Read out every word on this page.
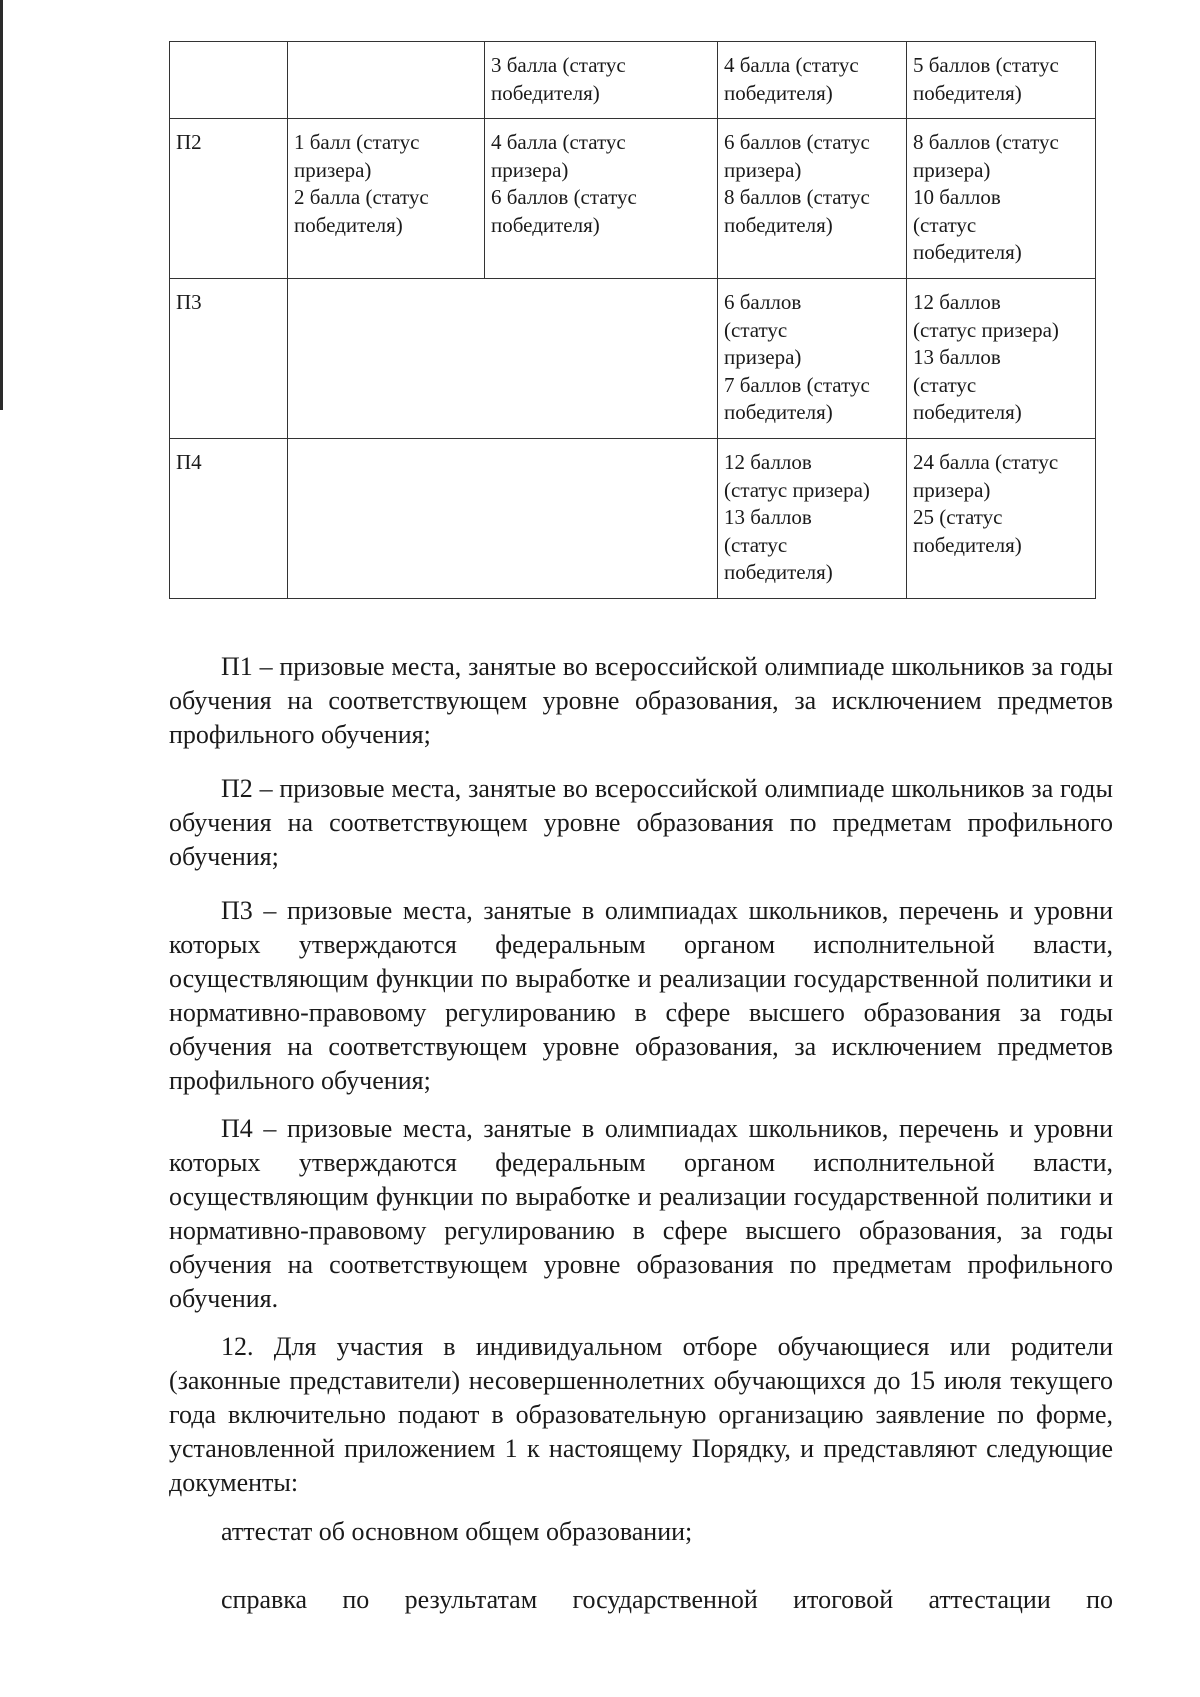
		3 балла (статус
победителя)	4 балла (статус
победителя)	5 баллов (статус
победителя)

П2	1 балл (статус
призера)
2 балла (статус
победителя)	4 балла (статус
призера)
6 баллов (статус
победителя)	6 баллов (статус
призера)
8 баллов (статус
победителя)	8 баллов (статус
призера)
10 баллов
(статус
победителя)

П3			6 баллов
(статус
призера)
7 баллов (статус
победителя)	12 баллов
(статус призера)
13 баллов
(статус
победителя)

П4			12 баллов
(статус призера)
13 баллов
(статус
победителя)	24 балла (статус
призера)
25 (статус
победителя)

П1 – призовые места, занятые во всероссийской олимпиаде школьников за годы обучения на соответствующем уровне образования, за исключением предметов профильного обучения;

П2 – призовые места, занятые во всероссийской олимпиаде школьников за годы обучения на соответствующем уровне образования по предметам профильного обучения;

П3 – призовые места, занятые в олимпиадах школьников, перечень и уровни которых утверждаются федеральным органом исполнительной власти, осуществляющим функции по выработке и реализации государственной политики и нормативно-правовому регулированию в сфере высшего образования за годы обучения на соответствующем уровне образования, за исключением предметов профильного обучения;

П4 – призовые места, занятые в олимпиадах школьников, перечень и уровни которых утверждаются федеральным органом исполнительной власти, осуществляющим функции по выработке и реализации государственной политики и нормативно-правовому регулированию в сфере высшего образования, за годы обучения на соответствующем уровне образования по предметам профильного обучения.

12. Для участия в индивидуальном отборе обучающиеся или родители (законные представители) несовершеннолетних обучающихся до 15 июля текущего года включительно подают в образовательную организацию заявление по форме, установленной приложением 1 к настоящему Порядку, и представляют следующие документы:

аттестат об основном общем образовании;
справка по результатам государственной итоговой аттестации по
